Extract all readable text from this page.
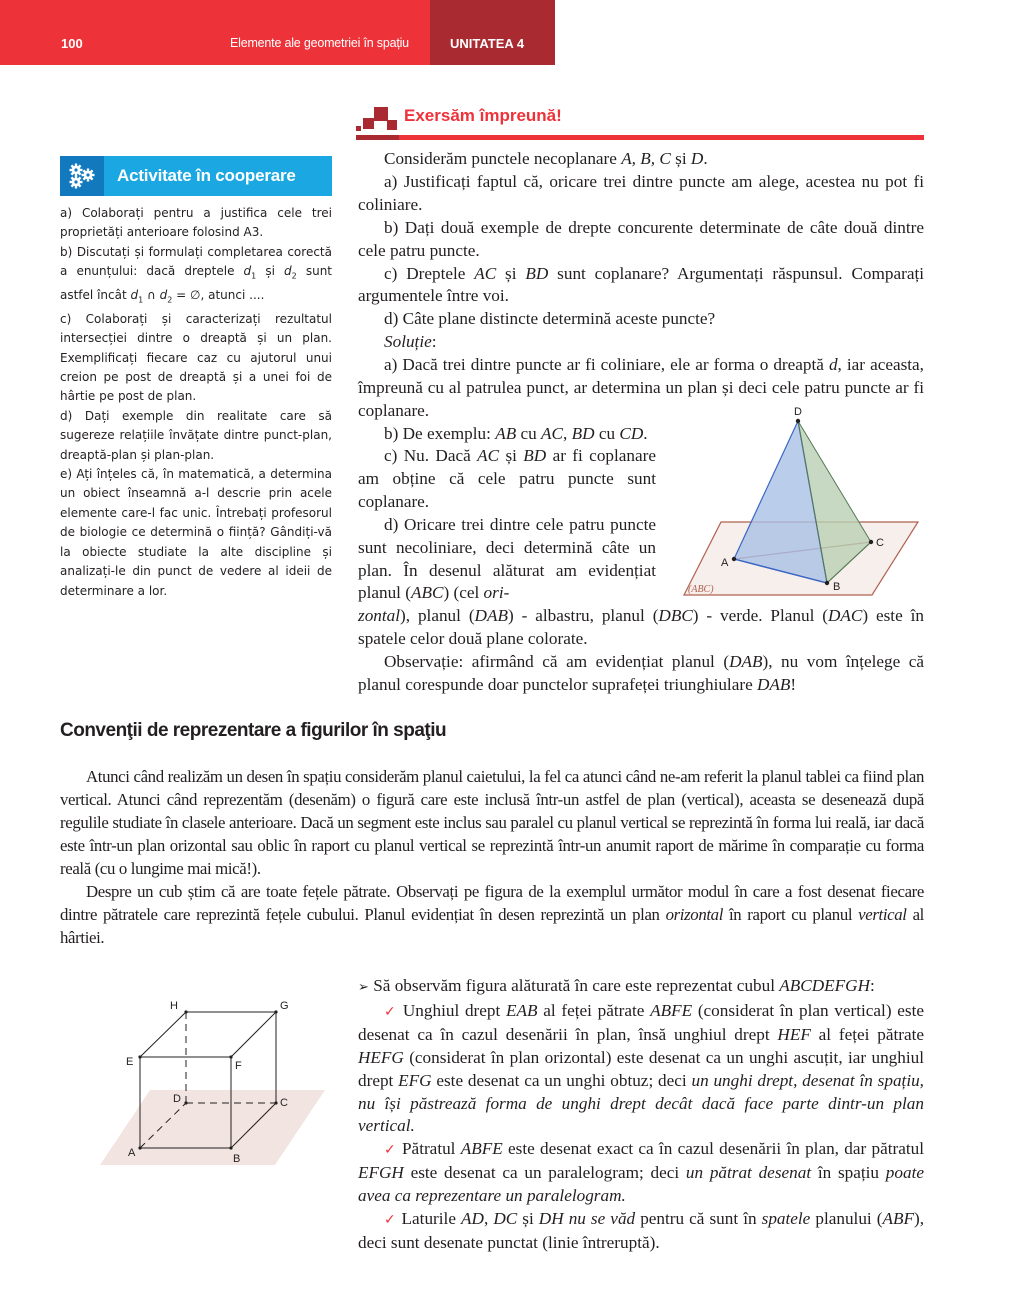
100	Elemente ale geometriei în spațiu	UNITATEA 4
Activitate în cooperare

a) Colaborați pentru a justifica cele trei proprietăți anterioare folosind A3.

b) Discutați și formulați completarea corectă a enunțului: dacă dreptele $d_1$ și $d_2$ sunt astfel încât $d_1$ ∩ $d_2$ = ∅, atunci ....

c) Colaborați și caracterizați rezultatul intersecției dintre o dreaptă și un plan. Exemplificați fiecare caz cu ajutorul unui creion pe post de dreaptă și a unei foi de hârtie pe post de plan.

d) Dați exemple din realitate care să sugereze relațiile învățate dintre punct-plan, dreaptă-plan și plan-plan.

e) Ați înțeles că, în matematică, a determina un obiect înseamnă a-l descrie prin acele elemente care-l fac unic. Întrebați profesorul de biologie ce determină o ființă? Gândiți-vă la obiecte studiate la alte discipline și analizați-le din punct de vedere al ideii de determinare a lor.

Exersăm împreună!

Considerăm punctele necoplanare A, B, C și D.

a) Justificați faptul că, oricare trei dintre puncte am alege, acestea nu pot fi coliniare.

b) Dați două exemple de drepte concurente determinate de câte două dintre cele patru puncte.

c) Dreptele AC și BD sunt coplanare? Argumentați răspunsul. Comparați argumentele între voi.

d) Câte plane distincte determină aceste puncte?

Soluție:

a) Dacă trei dintre puncte ar fi coliniare, ele ar forma o dreaptă d, iar aceasta, împreună cu al patrulea punct, ar determina un plan și deci cele patru puncte ar fi coplanare.

b) De exemplu: AB cu AC, BD cu CD.

c) Nu. Dacă AC și BD ar fi coplanare am obține că cele patru puncte sunt coplanare.

d) Oricare trei dintre cele patru puncte sunt necoliniare, deci determină câte un plan. În desenul alăturat am evidențiat planul (ABC) (cel ori-

zontal), planul (DAB) - albastru, planul (DBC) - verde. Planul (DAC) este în spatele celor două plane colorate.

Observație: afirmând că am evidențiat planul (DAB), nu vom înțelege că planul corespunde doar punctelor suprafeței triunghiulare DAB!

D
A
B
C
(ABC)
Convenţii de reprezentare a figurilor în spaţiu

Atunci când realizăm un desen în spațiu considerăm planul caietului, la fel ca atunci când ne-am referit la planul tablei ca fiind plan vertical. Atunci când reprezentăm (desenăm) o figură care este inclusă într-un astfel de plan (vertical), aceasta se desenează după regulile studiate în clasele anterioare. Dacă un segment este inclus sau paralel cu planul vertical se reprezintă în forma lui reală, iar dacă este într-un plan orizontal sau oblic în raport cu planul vertical se reprezintă într-un anumit raport de mărime în comparație cu forma reală (cu o lungime mai mică!).

Despre un cub știm că are toate fețele pătrate. Observați pe figura de la exemplul următor modul în care a fost desenat fiecare dintre pătratele care reprezintă fețele cubului. Planul evidențiat în desen reprezintă un plan orizontal în raport cu planul vertical al hârtiei.

A	B
C
D
E	F
G
H

➢ Să observăm figura alăturată în care este reprezentat cubul ABCDEFGH:

✓ Unghiul drept EAB al feței pătrate ABFE (considerat în plan vertical) este desenat ca în cazul desenării în plan, însă unghiul drept HEF al feței pătrate HEFG (considerat în plan orizontal) este desenat ca un unghi ascuțit, iar unghiul drept EFG este desenat ca un unghi obtuz; deci un unghi drept, desenat în spațiu, nu își păstrează forma de unghi drept decât dacă face parte dintr-un plan vertical.

✓ Pătratul ABFE este desenat exact ca în cazul desenării în plan, dar pătratul EFGH este desenat ca un paralelogram; deci un pătrat desenat în spațiu poate avea ca reprezentare un paralelogram.

✓ Laturile AD, DC și DH nu se văd pentru că sunt în spatele planului (ABF), deci sunt desenate punctat (linie întreruptă).
